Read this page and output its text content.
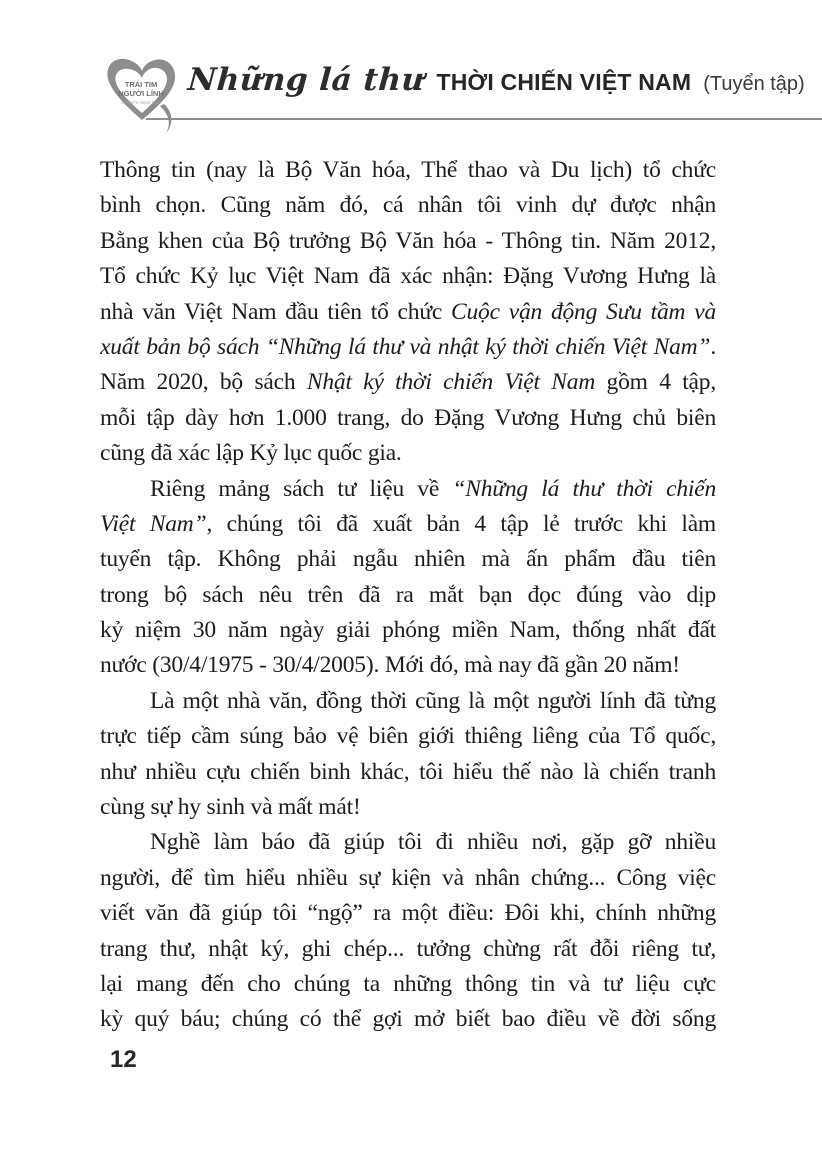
TRÁI TIM
NGƯỜI LÍNH
Soldier's Heart Club
Những lá thư THỜI CHIẾN VIỆT NAM (Tuyển tập)
Thông tin (nay là Bộ Văn hóa, Thể thao và Du lịch) tổ chức
bình chọn. Cũng năm đó, cá nhân tôi vinh dự được nhận
Bằng khen của Bộ trưởng Bộ Văn hóa - Thông tin. Năm 2012,
Tổ chức Kỷ lục Việt Nam đã xác nhận: Đặng Vương Hưng là
nhà văn Việt Nam đầu tiên tổ chức Cuộc vận động Sưu tầm và
xuất bản bộ sách “Những lá thư và nhật ký thời chiến Việt Nam”.
Năm 2020, bộ sách Nhật ký thời chiến Việt Nam gồm 4 tập,
mỗi tập dày hơn 1.000 trang, do Đặng Vương Hưng chủ biên
cũng đã xác lập Kỷ lục quốc gia.
Riêng mảng sách tư liệu về “Những lá thư thời chiến
Việt Nam”, chúng tôi đã xuất bản 4 tập lẻ trước khi làm
tuyển tập. Không phải ngẫu nhiên mà ấn phẩm đầu tiên
trong bộ sách nêu trên đã ra mắt bạn đọc đúng vào dịp
kỷ niệm 30 năm ngày giải phóng miền Nam, thống nhất đất
nước (30/4/1975 - 30/4/2005). Mới đó, mà nay đã gần 20 năm!
Là một nhà văn, đồng thời cũng là một người lính đã từng
trực tiếp cầm súng bảo vệ biên giới thiêng liêng của Tổ quốc,
như nhiều cựu chiến binh khác, tôi hiểu thế nào là chiến tranh
cùng sự hy sinh và mất mát!
Nghề làm báo đã giúp tôi đi nhiều nơi, gặp gỡ nhiều
người, để tìm hiểu nhiều sự kiện và nhân chứng... Công việc
viết văn đã giúp tôi “ngộ” ra một điều: Đôi khi, chính những
trang thư, nhật ký, ghi chép... tưởng chừng rất đỗi riêng tư,
lại mang đến cho chúng ta những thông tin và tư liệu cực
kỳ quý báu; chúng có thể gợi mở biết bao điều về đời sống
12
